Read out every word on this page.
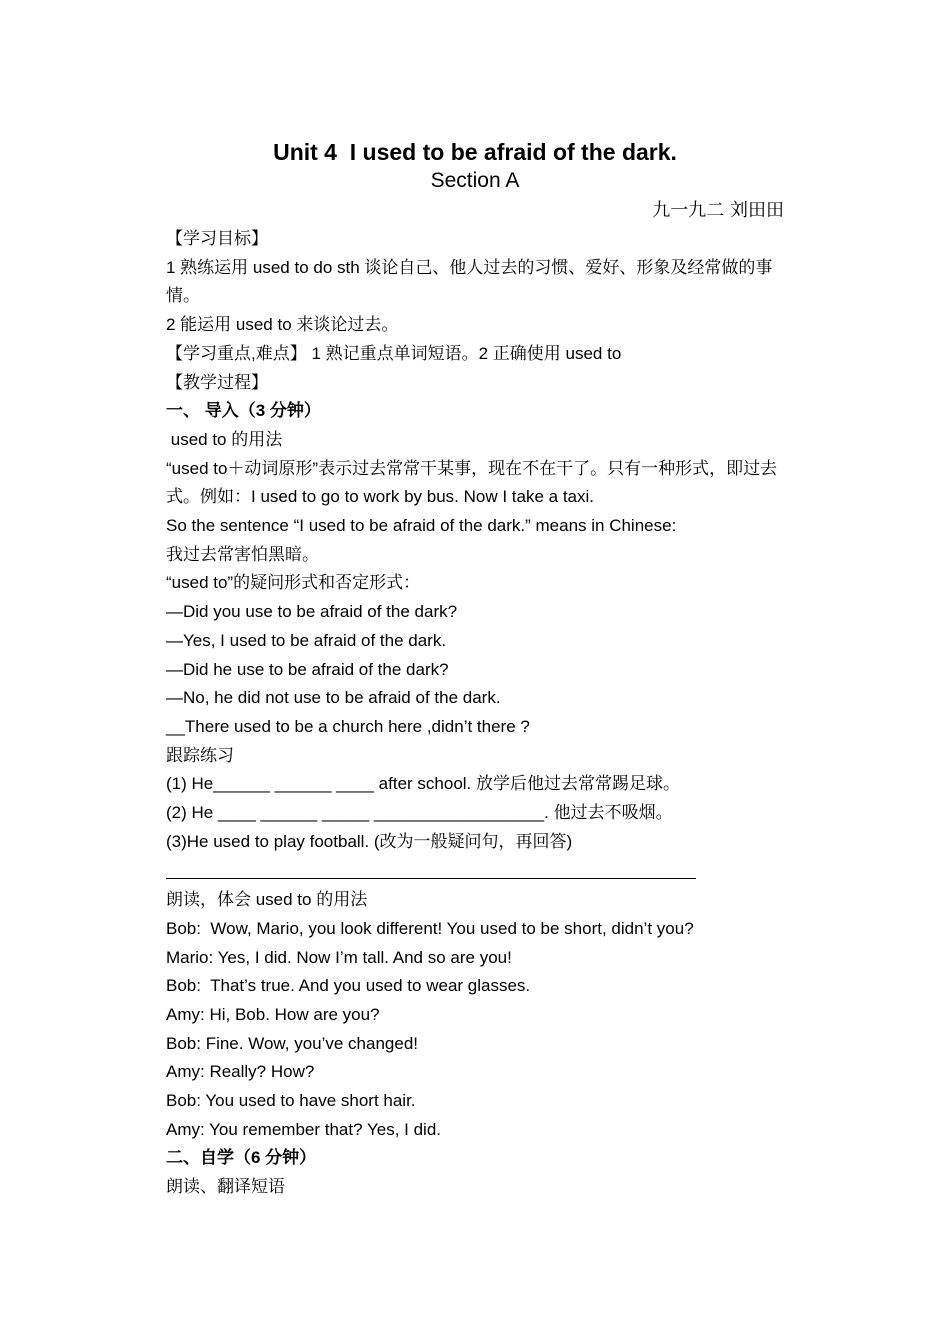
Unit 4  I used to be afraid of the dark.
Section A
九一九二 刘田田
【学习目标】
1 熟练运用 used to do sth 谈论自己、他人过去的习惯、爱好、形象及经常做的事情。
2 能运用 used to 来谈论过去。
【学习重点,难点】 1 熟记重点单词短语。2 正确使用 used to
【教学过程】
一、 导入（3 分钟）
used to 的用法
“used to＋动词原形”表示过去常常干某事，现在不在干了。只有一种形式，即过去式。例如：I used to go to work by bus. Now I take a taxi.
So the sentence “I used to be afraid of the dark.” means in Chinese:
我过去常害怕黑暗。
“used to”的疑问形式和否定形式：
—Did you use to be afraid of the dark?
—Yes, I used to be afraid of the dark.
—Did he use to be afraid of the dark?
—No, he did not use to be afraid of the dark.
__There used to be a church here ,didn’t there ?
跟踪练习
(1) He______ ______ ____ after school. 放学后他过去常常踢足球。
(2) He ____ ______ _____ __________________. 他过去不吸烟。
(3)He used to play football. (改为一般疑问句，再回答)
朗读，体会 used to 的用法
Bob:  Wow, Mario, you look different! You used to be short, didn’t you?
Mario: Yes, I did. Now I’m tall. And so are you!
Bob:  That’s true. And you used to wear glasses.
Amy: Hi, Bob. How are you?
Bob: Fine. Wow, you’ve changed!
Amy: Really? How?
Bob: You used to have short hair.
Amy: You remember that? Yes, I did.
二、自学（6 分钟）
朗读、翻译短语
